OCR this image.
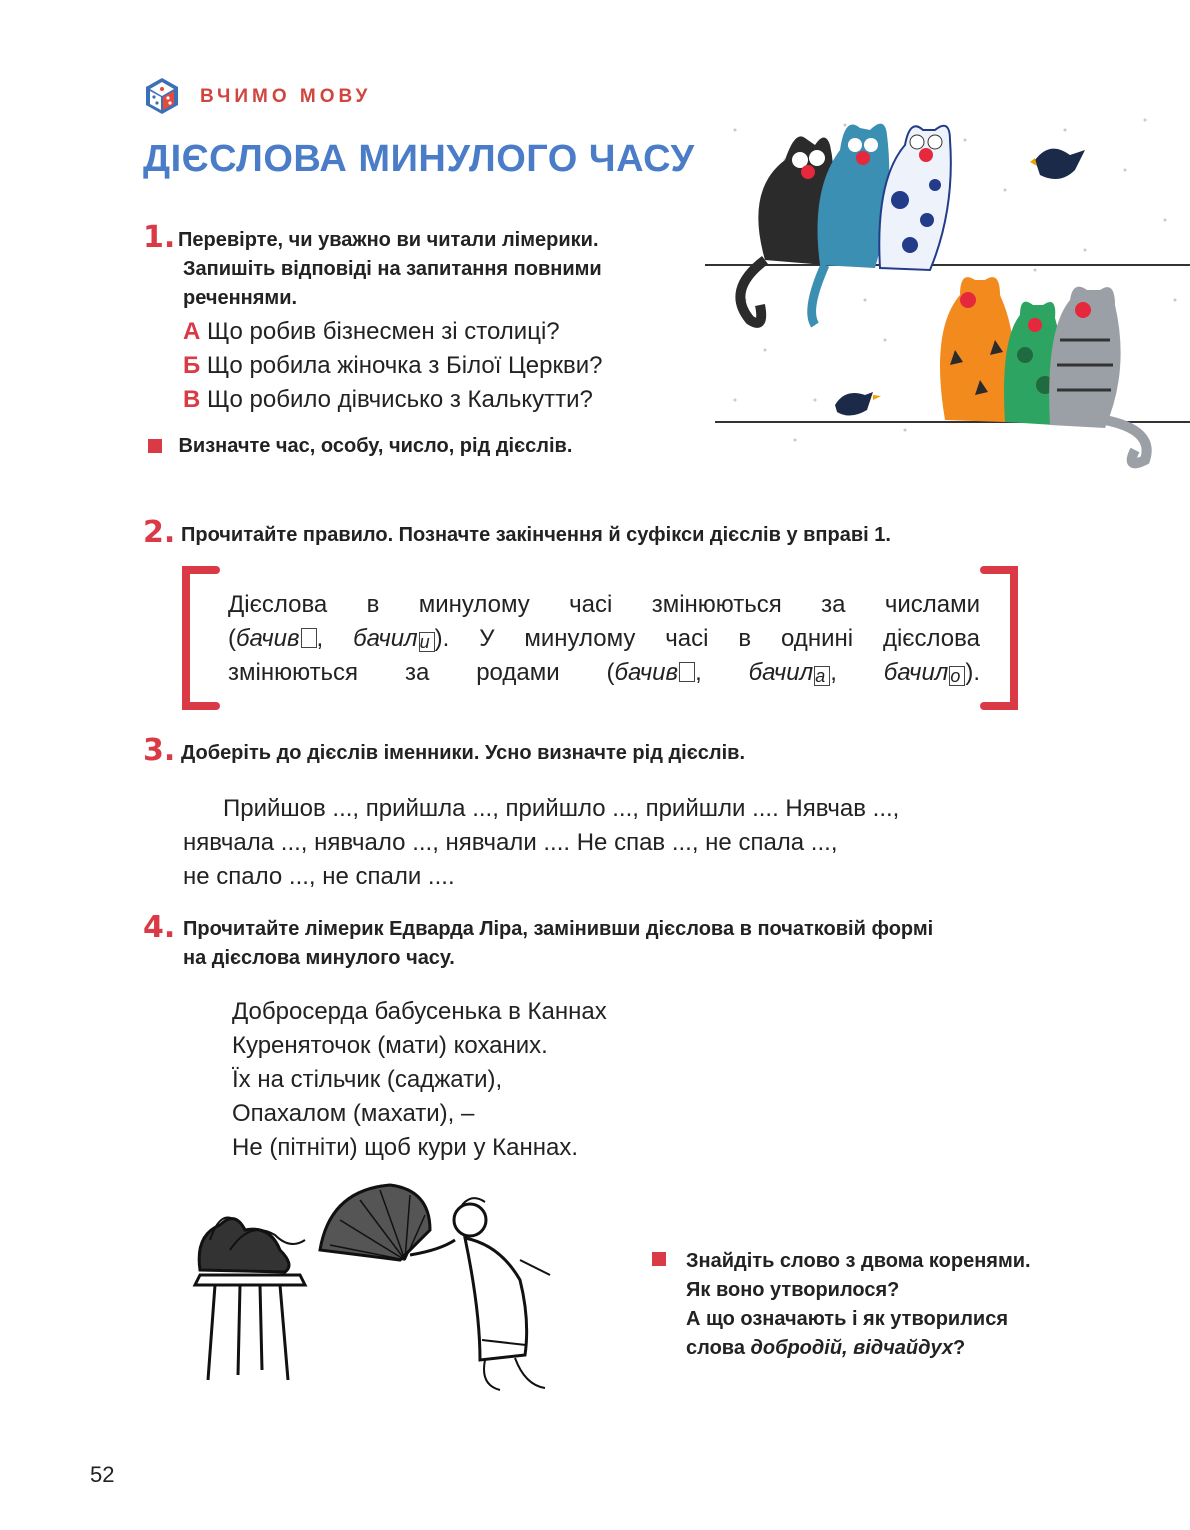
ВЧИМО МОВУ
ДІЄСЛОВА МИНУЛОГО ЧАСУ
1. Перевірте, чи уважно ви читали лімерики.
Запишіть відповіді на запитання повними
реченнями.
А Що робив бізнесмен зі столиці?
Б Що робила жіночка з Білої Церкви?
В Що робило дівчисько з Калькутти?
Визначте час, особу, число, рід дієслів.
2. Прочитайте правило. Позначте закінчення й суфікси дієслів у вправі 1.
Дієслова в минулому часі змінюються за числами
(бачив , бачил и ). У минулому часі в однині дієслова
змінюються за родами (бачив , бачил а , бачил о ).
3. Доберіть до дієслів іменники. Усно визначте рід дієслів.
Прийшов ..., прийшла ..., прийшло ..., прийшли .... Нявчав ...,
нявчала ..., нявчало ..., нявчали .... Не спав ..., не спала ...,
не спало ..., не спали ....
4. Прочитайте лімерик Едварда Ліра, замінивши дієслова в початковій формі
на дієслова минулого часу.
Добросерда бабусенька в Каннах
Куреняточок (мати) коханих.
Їх на стільчик (саджати),
Опахалом (махати), –
Не (пітніти) щоб кури у Каннах.
Знайдіть слово з двома коренями.
Як воно утворилося?
А що означають і як утворилися
слова добродій, відчайдух?
52
